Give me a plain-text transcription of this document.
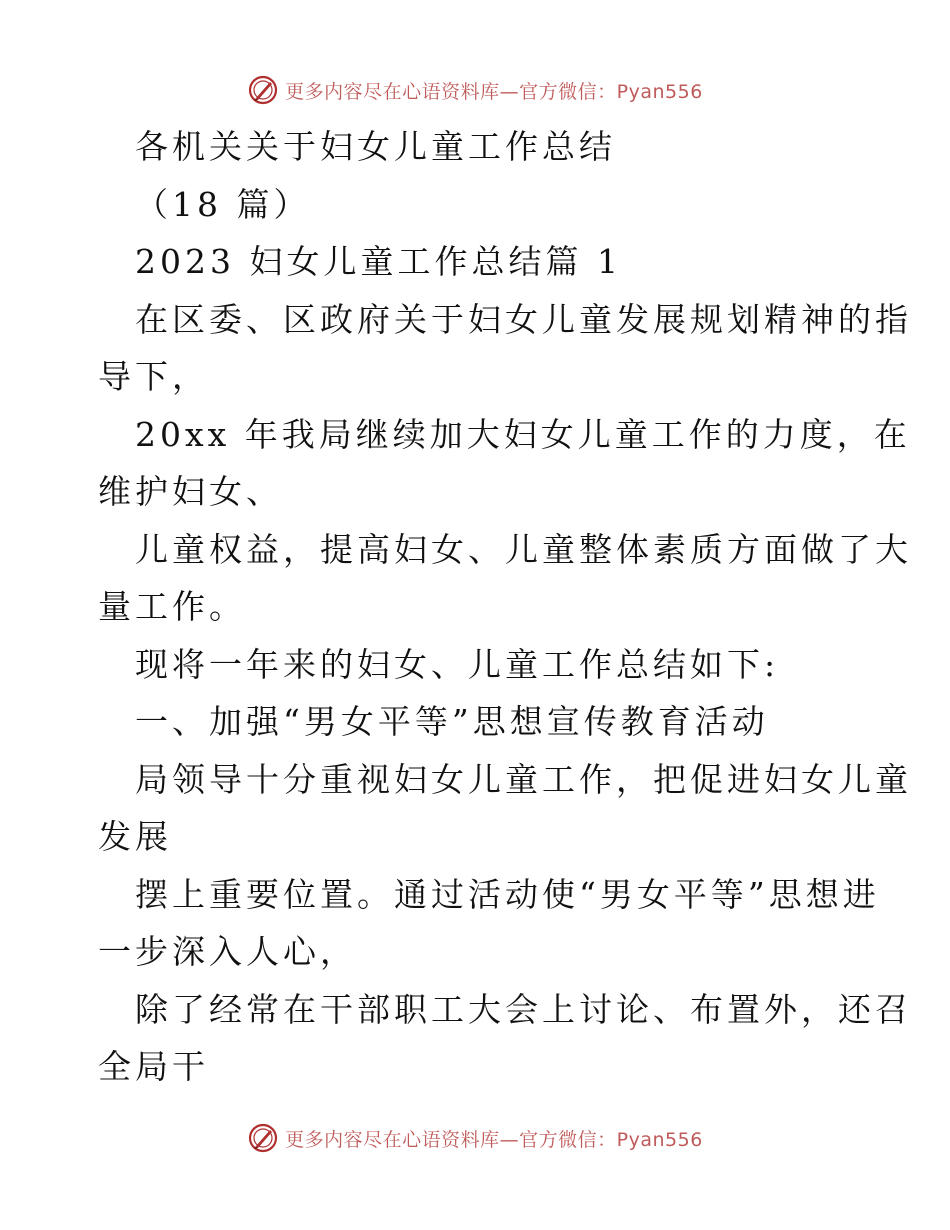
更多内容尽在心语资料库—官方微信：Pyan556
各机关关于妇女儿童工作总结
（18 篇）
2023 妇女儿童工作总结篇 1
在区委、区政府关于妇女儿童发展规划精神的指
导下，
20xx 年我局继续加大妇女儿童工作的力度，在
维护妇女、
儿童权益，提高妇女、儿童整体素质方面做了大
量工作。
现将一年来的妇女、儿童工作总结如下:
一、加强“男女平等”思想宣传教育活动
局领导十分重视妇女儿童工作，把促进妇女儿童
发展
摆上重要位置。通过活动使“男女平等”思想进
一步深入人心，
除了经常在干部职工大会上讨论、布置外，还召
全局干
更多内容尽在心语资料库—官方微信：Pyan556
